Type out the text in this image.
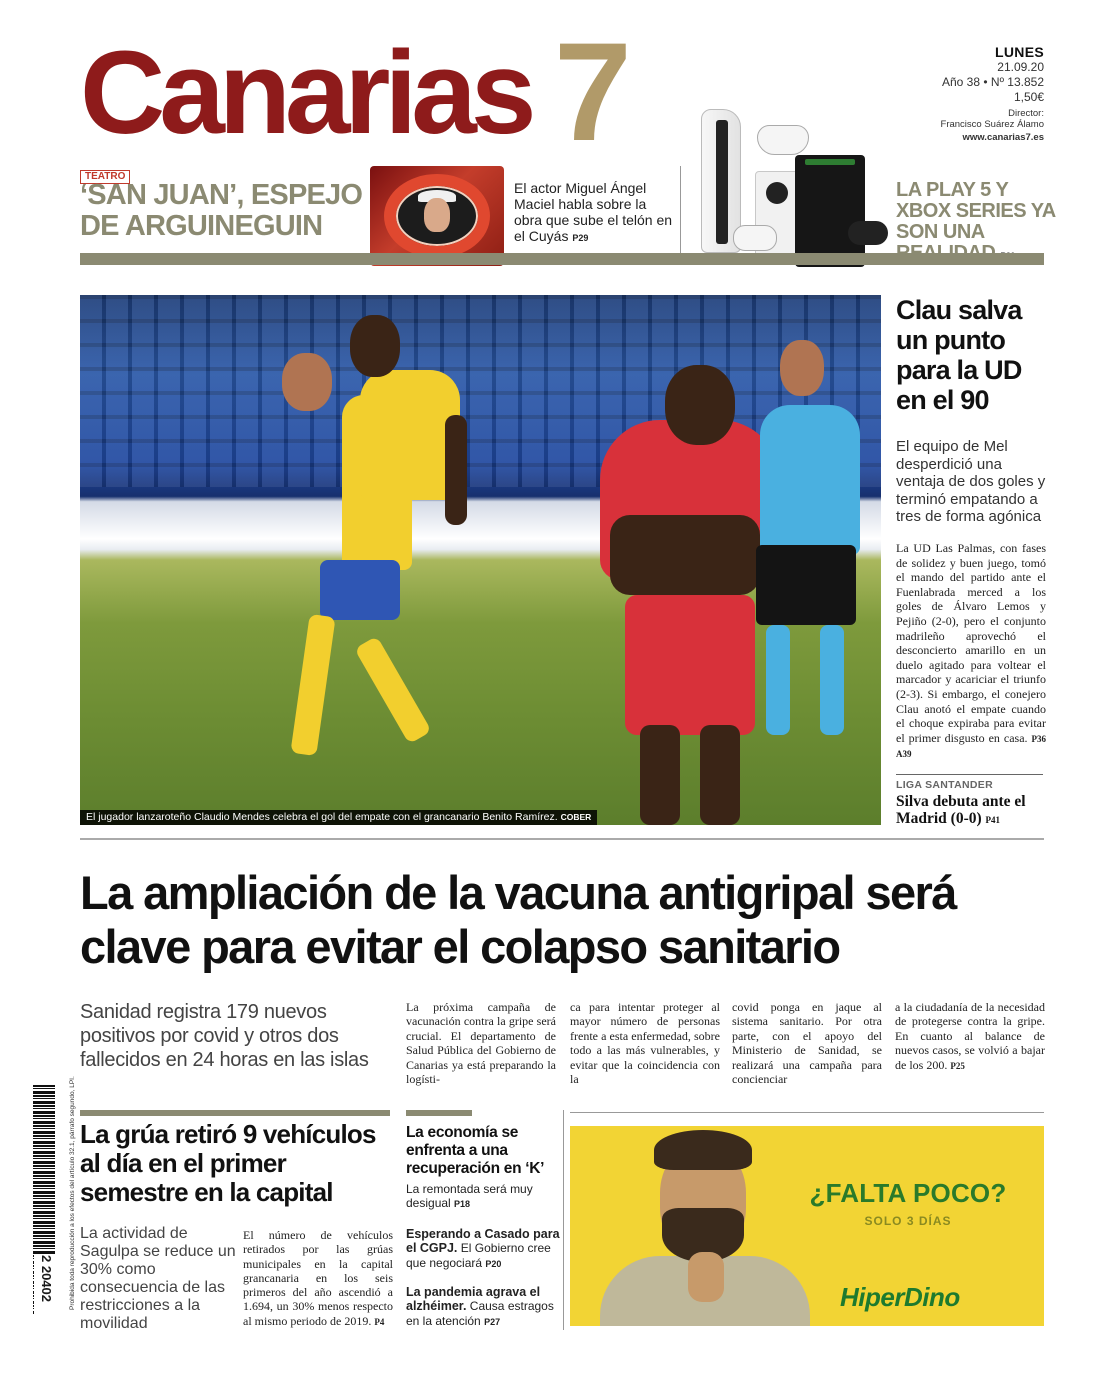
Canarias 7	LUNES
21.09.20
Año 38 • Nº 13.852
1,50€
Director:
Francisco Suárez Álamo
www.canarias7.es
TEATRO
‘SAN JUAN’, ESPEJO DE ARGUINEGUIN
El actor Miguel Ángel Maciel habla sobre la obra que sube el telón en el Cuyás P29
LA PLAY 5 Y XBOX SERIES YA SON UNA
El jugador lanzaroteño Claudio Mendes celebra el gol del empate con el grancanario Benito Ramírez. COBER
Clau salva un punto para la UD en el 90
El equipo de Mel desperdició una ventaja de dos goles y terminó empatando a tres de forma agónica
La UD Las Palmas, con fases de solidez y buen juego, tomó el mando del partido ante el Fuenlabrada merced a los goles de Álvaro Lemos y Pejiño (2-0), pero el conjunto madrileño aprovechó el desconcierto amarillo en un duelo agitado para voltear el marcador y acariciar el triunfo (2-3). Si embargo, el conejero Clau anotó el empate cuando el choque expiraba para evitar el primer disgusto en casa. P36 A39
LIGA SANTANDER
Silva debuta ante el Madrid (0-0) P41
La ampliación de la vacuna antigripal será clave para evitar el colapso sanitario
Sanidad registra 179 nuevos positivos por covid y otros dos fallecidos en 24 horas en las islas
La próxima campaña de vacunación contra la gripe será crucial. El departamento de Salud Pública del Gobierno de Canarias ya está preparando la logísti-
ca para intentar proteger al mayor número de personas frente a esta enfermedad, sobre todo a las más vulnerables, y evitar que la coincidencia con la
covid ponga en jaque al sistema sanitario. Por otra parte, con el apoyo del Ministerio de Sanidad, se realizará una campaña para concienciar
a la ciudadanía de la necesidad de protegerse contra la gripe. En cuanto al balance de nuevos casos, se volvió a bajar de los 200. P25
La grúa retiró 9 vehículos al día en el primer semestre en la capital
La actividad de Sagulpa se reduce un 30% como consecuencia de las restricciones a la movilidad
El número de vehículos retirados por las grúas municipales en la capital grancanaria en los seis primeros del año ascendió a 1.694, un 30% menos respecto al mismo periodo de 2019. P4
La economía se enfrenta a una recuperación en ‘K’
La remontada será muy desigual P18
Esperando a Casado para el CGPJ. El Gobierno cree que negociará P20
La pandemia agrava el alzhéimer. Causa estragos en la atención P27
2 20402 Prohibida toda reproducción a los efectos del artículo 32.1, párrafo segundo, LPI.	¿FALTA POCO?
SOLO 3 DÍAS
HiperDino
